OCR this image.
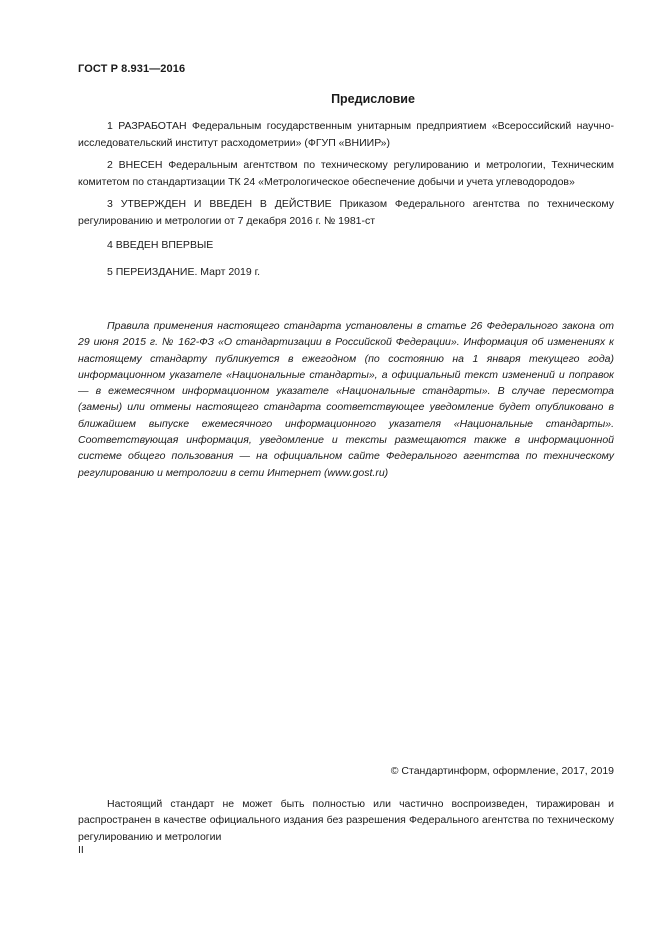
ГОСТ Р 8.931—2016
Предисловие

1 РАЗРАБОТАН Федеральным государственным унитарным предприятием «Всероссийский научно-исследовательский институт расходометрии» (ФГУП «ВНИИР»)

2 ВНЕСЕН Федеральным агентством по техническому регулированию и метрологии, Техническим комитетом по стандартизации ТК 24 «Метрологическое обеспечение добычи и учета углеводородов»

3 УТВЕРЖДЕН И ВВЕДЕН В ДЕЙСТВИЕ Приказом Федерального агентства по техническому регулированию и метрологии от 7 декабря 2016 г. № 1981-ст

4 ВВЕДЕН ВПЕРВЫЕ

5 ПЕРЕИЗДАНИЕ. Март 2019 г.

Правила применения настоящего стандарта установлены в статье 26 Федерального закона от 29 июня 2015 г. № 162-ФЗ «О стандартизации в Российской Федерации». Информация об изменениях к настоящему стандарту публикуется в ежегодном (по состоянию на 1 января текущего года) информационном указателе «Национальные стандарты», а официальный текст изменений и поправок — в ежемесячном информационном указателе «Национальные стандарты». В случае пересмотра (замены) или отмены настоящего стандарта соответствующее уведомление будет опубликовано в ближайшем выпуске ежемесячного информационного указателя «Национальные стандарты». Соответствующая информация, уведомление и тексты размещаются также в информационной системе общего пользования — на официальном сайте Федерального агентства по техническому регулированию и метрологии в сети Интернет (www.gost.ru)

© Стандартинформ, оформление, 2017, 2019

Настоящий стандарт не может быть полностью или частично воспроизведен, тиражирован и распространен в качестве официального издания без разрешения Федерального агентства по техническому регулированию и метрологии

II
